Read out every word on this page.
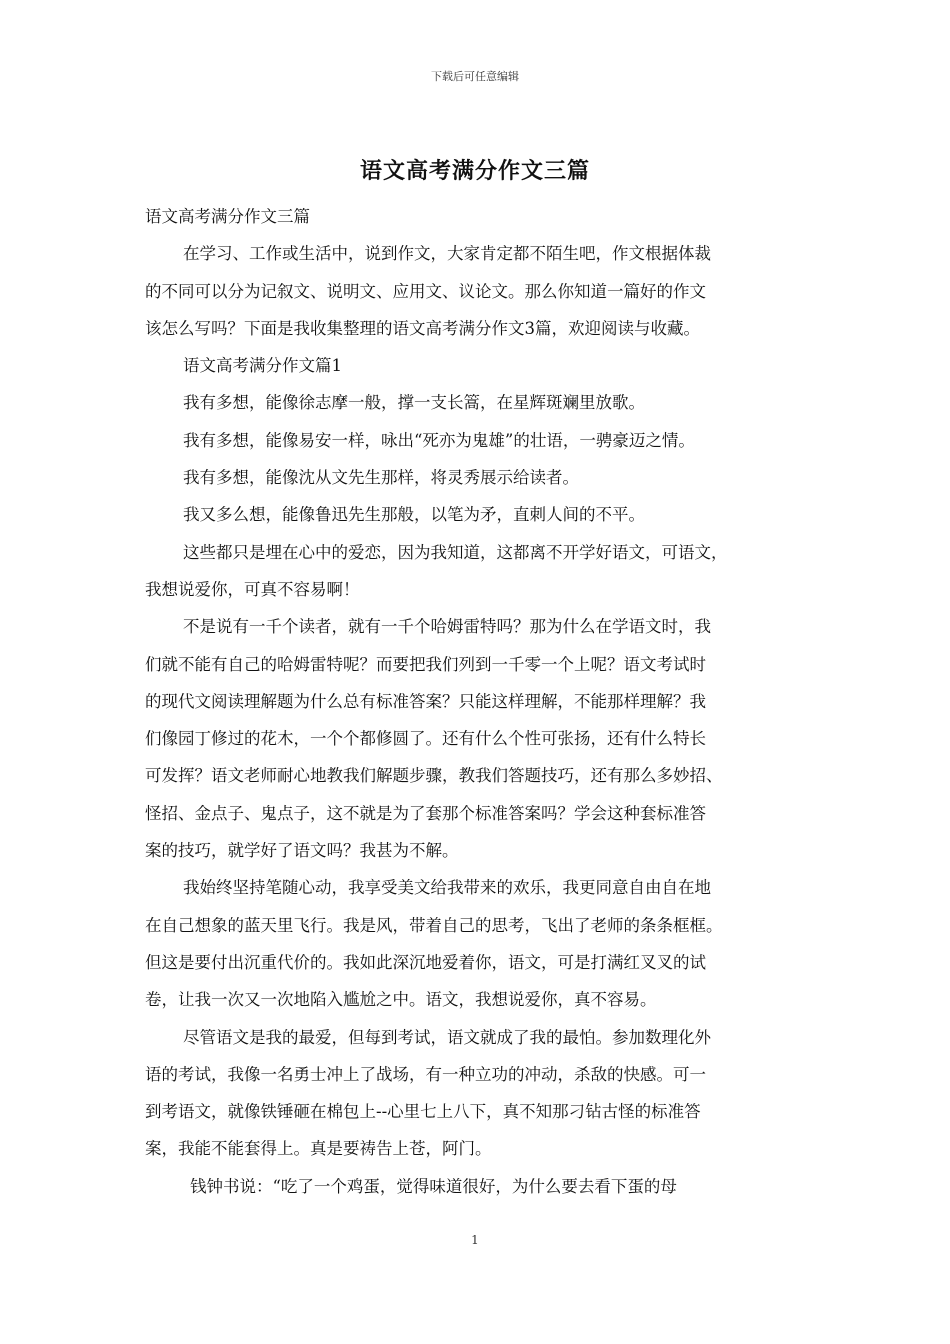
下载后可任意编辑
语文高考满分作文三篇
语文高考满分作文三篇
在学习、工作或生活中，说到作文，大家肯定都不陌生吧，作文根据体裁
的不同可以分为记叙文、说明文、应用文、议论文。那么你知道一篇好的作文
该怎么写吗？下面是我收集整理的语文高考满分作文3篇，欢迎阅读与收藏。
语文高考满分作文篇1
我有多想，能像徐志摩一般，撑一支长篙，在星辉斑斓里放歌。
我有多想，能像易安一样，咏出“死亦为鬼雄”的壮语，一骋豪迈之情。
我有多想，能像沈从文先生那样，将灵秀展示给读者。
我又多么想，能像鲁迅先生那般，以笔为矛，直刺人间的不平。
这些都只是埋在心中的爱恋，因为我知道，这都离不开学好语文，可语文，
我想说爱你，可真不容易啊！
不是说有一千个读者，就有一千个哈姆雷特吗？那为什么在学语文时，我
们就不能有自己的哈姆雷特呢？而要把我们列到一千零一个上呢？语文考试时
的现代文阅读理解题为什么总有标准答案？只能这样理解，不能那样理解？我
们像园丁修过的花木，一个个都修圆了。还有什么个性可张扬，还有什么特长
可发挥？语文老师耐心地教我们解题步骤，教我们答题技巧，还有那么多妙招、
怪招、金点子、鬼点子，这不就是为了套那个标准答案吗？学会这种套标准答
案的技巧，就学好了语文吗？我甚为不解。
我始终坚持笔随心动，我享受美文给我带来的欢乐，我更同意自由自在地
在自己想象的蓝天里飞行。我是风，带着自己的思考，飞出了老师的条条框框。
但这是要付出沉重代价的。我如此深沉地爱着你，语文，可是打满红叉叉的试
卷，让我一次又一次地陷入尴尬之中。语文，我想说爱你，真不容易。
尽管语文是我的最爱，但每到考试，语文就成了我的最怕。参加数理化外
语的考试，我像一名勇士冲上了战场，有一种立功的冲动，杀敌的快感。可一
到考语文，就像铁锤砸在棉包上--心里七上八下，真不知那刁钻古怪的标准答
案，我能不能套得上。真是要祷告上苍，阿门。
钱钟书说：“吃了一个鸡蛋，觉得味道很好，为什么要去看下蛋的母
1
